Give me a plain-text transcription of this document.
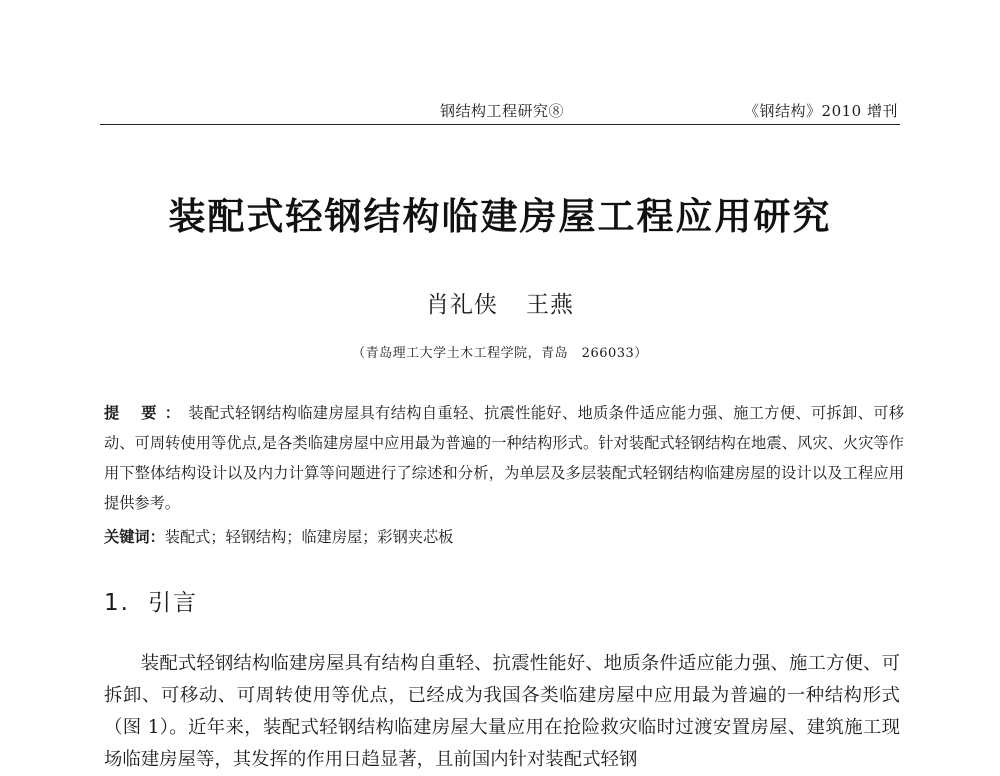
钢结构工程研究⑧	《钢结构》2010 增刊
装配式轻钢结构临建房屋工程应用研究
肖礼侠 王燕
（青岛理工大学土木工程学院，青岛　266033）
提 要：装配式轻钢结构临建房屋具有结构自重轻、抗震性能好、地质条件适应能力强、施工方便、可拆卸、可移动、可周转使用等优点,是各类临建房屋中应用最为普遍的一种结构形式。针对装配式轻钢结构在地震、风灾、火灾等作用下整体结构设计以及内力计算等问题进行了综述和分析，为单层及多层装配式轻钢结构临建房屋的设计以及工程应用提供参考。
关键词：装配式；轻钢结构；临建房屋；彩钢夹芯板
1. 引言
装配式轻钢结构临建房屋具有结构自重轻、抗震性能好、地质条件适应能力强、施工方便、可拆卸、可移动、可周转使用等优点，已经成为我国各类临建房屋中应用最为普遍的一种结构形式（图 1）。近年来，装配式轻钢结构临建房屋大量应用在抢险救灾临时过渡安置房屋、建筑施工现场临建房屋等，其发挥的作用日趋显著，且前国内针对装配式轻钢
